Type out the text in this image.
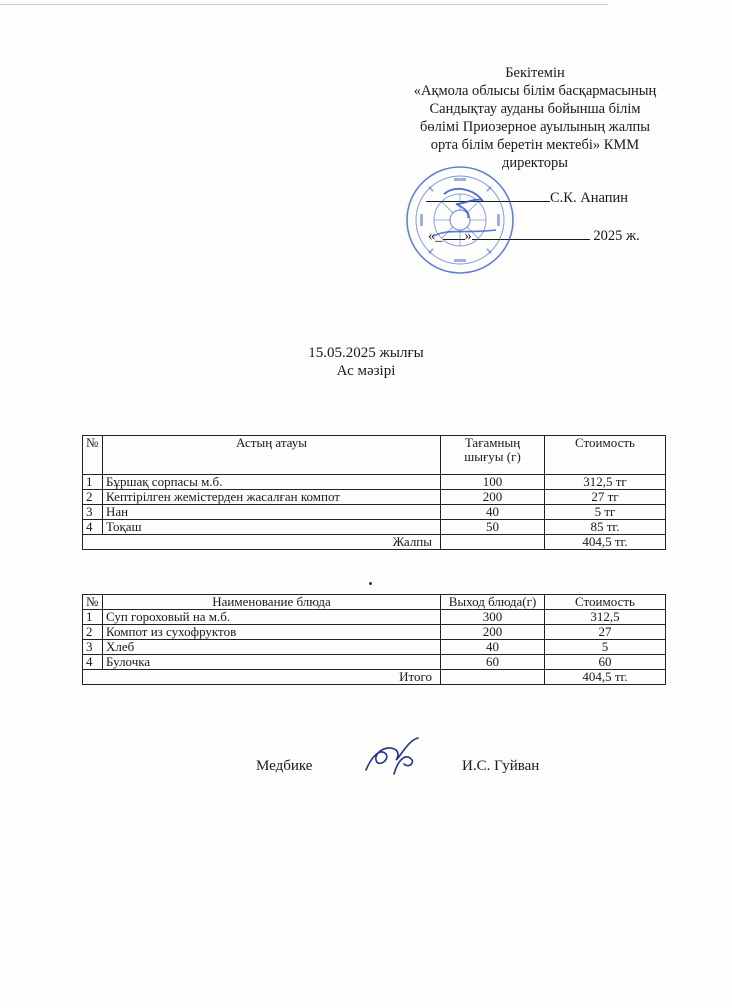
Бекітемін
«Ақмола облысы білім басқармасының
Сандықтау ауданы бойынша білім
бөлімі Приозерное ауылының жалпы
орта білім беретін мектебі» КММ
директоры
С.К. Анапин
«_ »	2025 ж.
15.05.2025 жылғы
Ас мәзірі
№	Астың атауы	Тағамның шығуы (г)	Стоимость
1	Бұршақ сорпасы м.б.	100	312,5 тг
2	Кептірілген жемістерден жасалған компот	200	27 тг
3	Нан	40	5 тг
4	Тоқаш	50	85 тг.
Жалпы			404,5 тг.
№	Наименование блюда	Выход блюда(г)	Стоимость
1	Суп гороховый на м.б.	300	312,5
2	Компот из сухофруктов	200	27
3	Хлеб	40	5
4	Булочка	60	60
Итого			404,5 тг.
Медбике	И.С. Гуйван
